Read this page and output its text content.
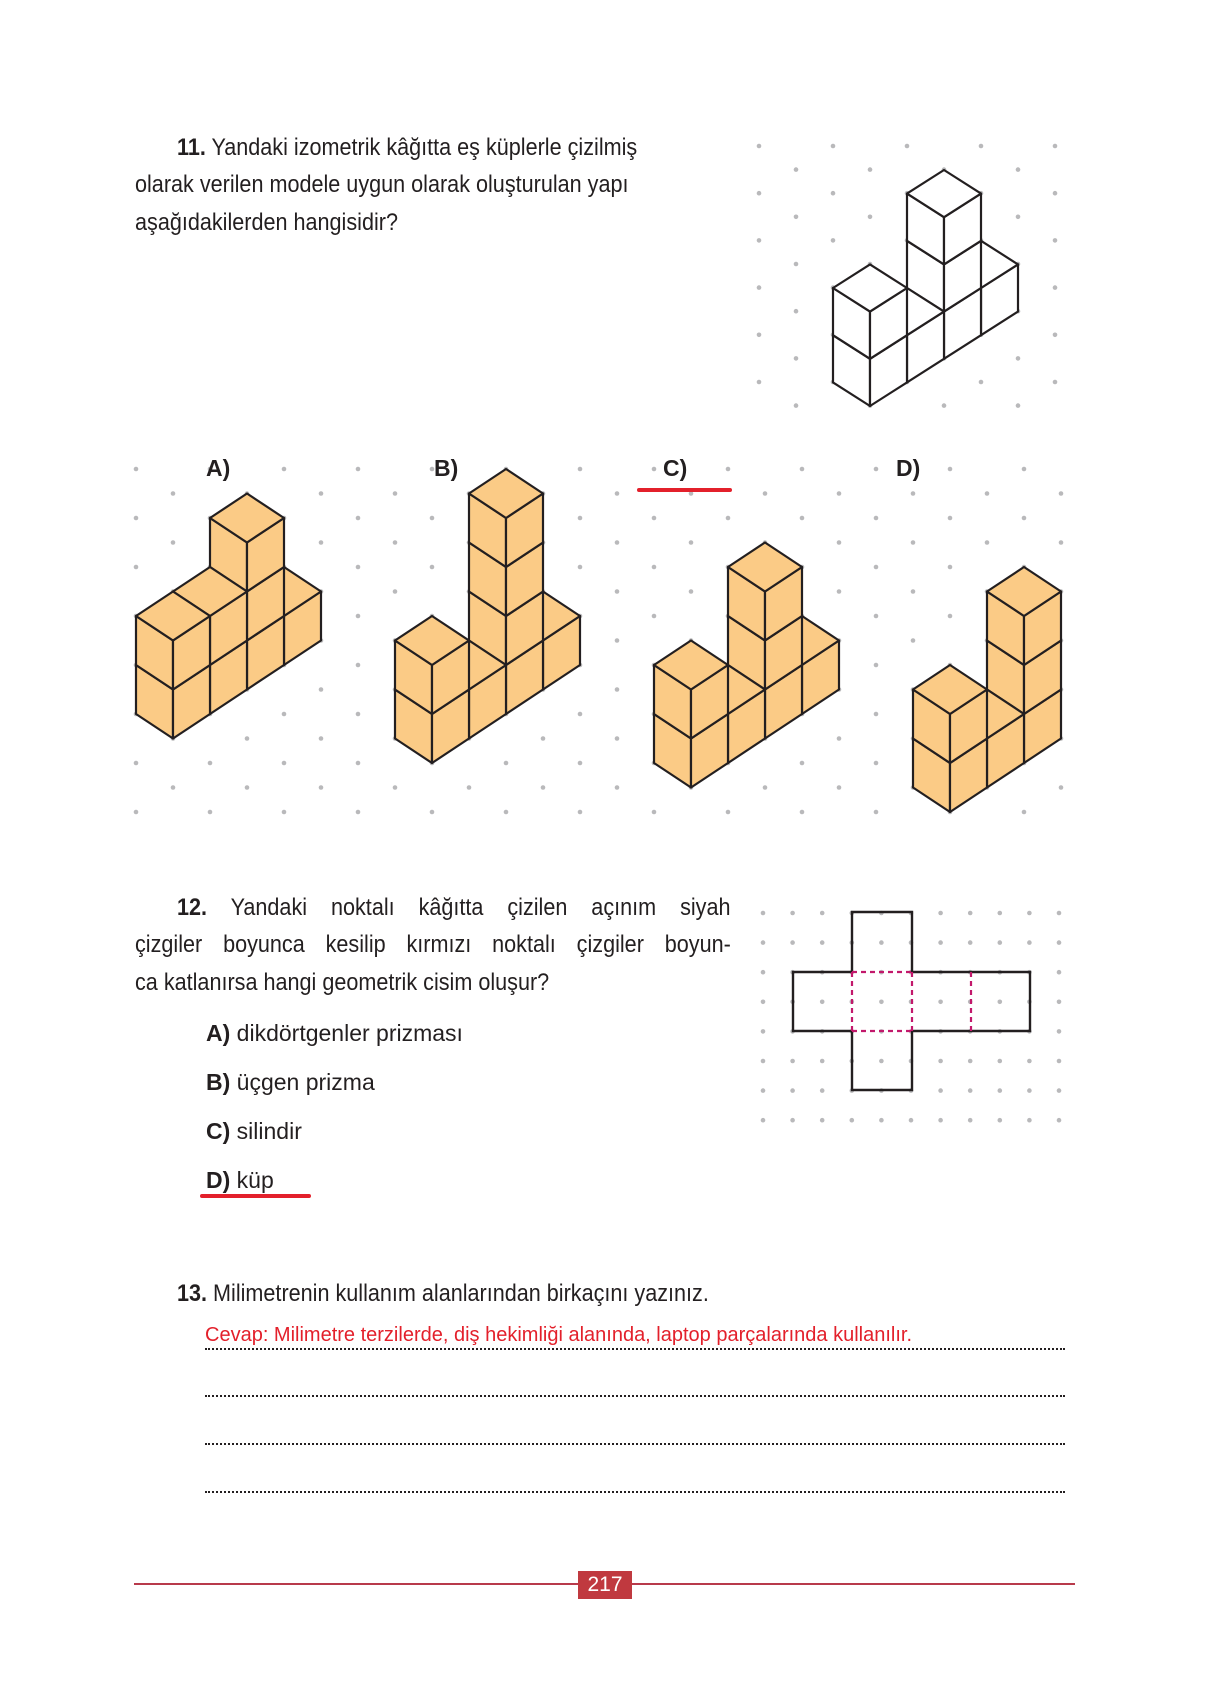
11. Yandaki izometrik kâğıtta eş küplerle çizilmiş
olarak verilen modele uygun olarak oluşturulan yapı
aşağıdakilerden hangisidir?
A)	B)	C)	D)
12. Yandaki noktalı kâğıtta çizilen açınım siyah
çizgiler boyunca kesilip kırmızı noktalı çizgiler boyun-
ca katlanırsa hangi geometrik cisim oluşur?
A) dikdörtgenler prizması
B) üçgen prizma
C) silindir
D) küp
13. Milimetrenin kullanım alanlarından birkaçını yazınız.
Cevap: Milimetre terzilerde, diş hekimliği alanında, laptop parçalarında kullanılır.
217
